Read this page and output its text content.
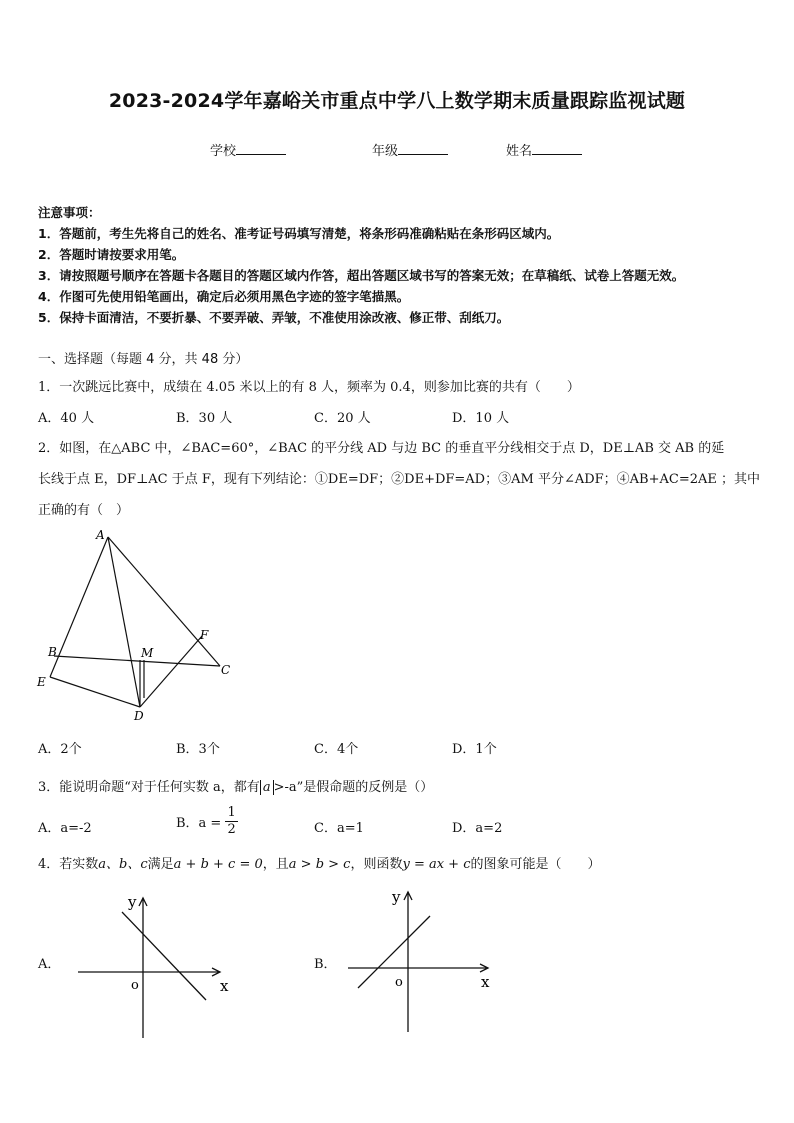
2023-2024学年嘉峪关市重点中学八上数学期末质量跟踪监视试题
学校	年级	姓名
注意事项：
1．答题前，考生先将自己的姓名、准考证号码填写清楚，将条形码准确粘贴在条形码区域内。
2．答题时请按要求用笔。
3．请按照题号顺序在答题卡各题目的答题区域内作答，超出答题区域书写的答案无效；在草稿纸、试卷上答题无效。
4．作图可先使用铅笔画出，确定后必须用黑色字迹的签字笔描黑。
5．保持卡面清洁，不要折暴、不要弄破、弄皱，不准使用涂改液、修正带、刮纸刀。
一、选择题（每题 4 分，共 48 分）
1．一次跳远比赛中，成绩在 4.05 米以上的有 8 人，频率为 0.4，则参加比赛的共有（　　）
A．40 人	B．30 人	C．20 人	D．10 人
2．如图，在△ABC 中，∠BAC=60°，∠BAC 的平分线 AD 与边 BC 的垂直平分线相交于点 D，DE⊥AB 交 AB 的延
长线于点 E，DF⊥AC 于点 F，现有下列结论：①DE=DF；②DE+DF=AD；③AM 平分∠ADF；④AB+AC=2AE ；其中
正确的有（　）
A
B
C
D
E
F
M
A．2个	B．3个	C．4个	D．1个
3．能说明命题“对于任何实数 a，都有 a >-a”是假命题的反例是（）
A．a=-2	B．$a = \frac{1}{2}$	C．a=1	D．a=2
4．若实数a、b、c满足a + b + c = 0，且a > b > c，则函数y = ax + c的图象可能是（　　）
A．
x
y
o
B．
x
y
o
